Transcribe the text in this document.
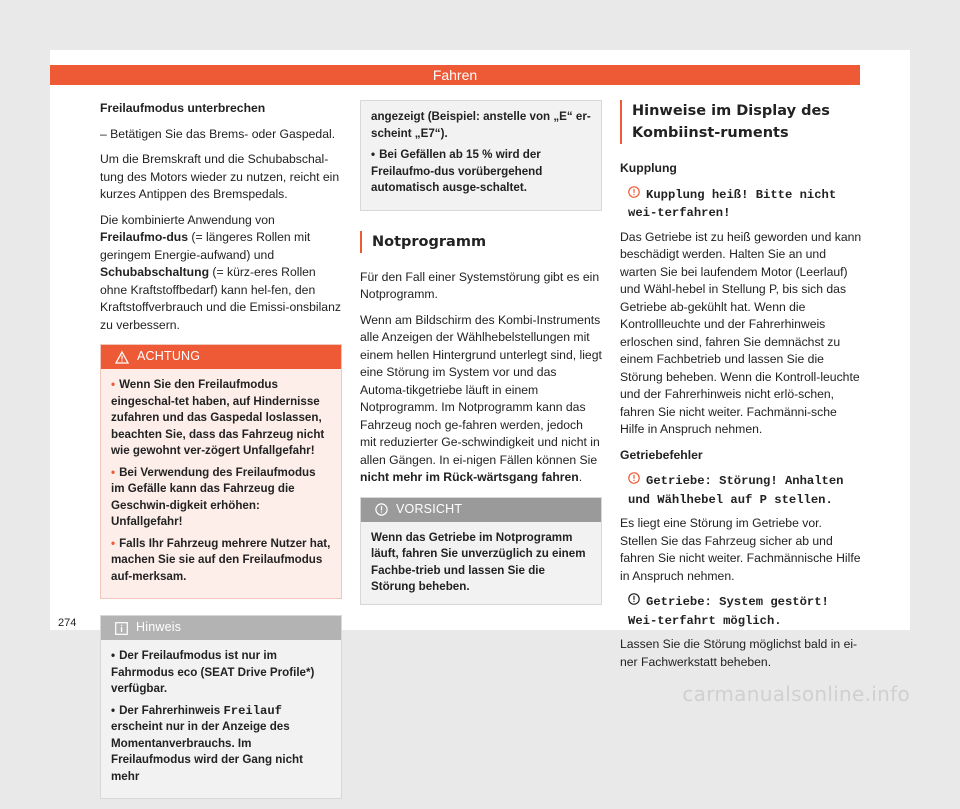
Fahren

Freilaufmodus unterbrechen

– Betätigen Sie das Brems- oder Gaspedal.

Um die Bremskraft und die Schubabschal-tung des Motors wieder zu nutzen, reicht ein kurzes Antippen des Bremspedals.

Die kombinierte Anwendung von Freilaufmo-dus (= längeres Rollen mit geringem Energie-aufwand) und Schubabschaltung (= kürz-eres Rollen ohne Kraftstoffbedarf) kann hel-fen, den Kraftstoffverbrauch und die Emissi-onsbilanz zu verbessern.

ACHTUNG
• Wenn Sie den Freilaufmodus eingeschal-tet haben, auf Hindernisse zufahren und das Gaspedal loslassen, beachten Sie, dass das Fahrzeug nicht wie gewohnt ver-zögert Unfallgefahr!
• Bei Verwendung des Freilaufmodus im Gefälle kann das Fahrzeug die Geschwin-digkeit erhöhen: Unfallgefahr!
• Falls Ihr Fahrzeug mehrere Nutzer hat, machen Sie sie auf den Freilaufmodus auf-merksam.
Hinweis
• Der Freilaufmodus ist nur im Fahrmodus eco (SEAT Drive Profile*) verfügbar.
• Der Fahrerhinweis Freilauf erscheint nur in der Anzeige des Momentanverbrauchs. Im Freilaufmodus wird der Gang nicht mehr
angezeigt (Beispiel: anstelle von „E“ er-scheint „E7“).
• Bei Gefällen ab 15 % wird der Freilaufmo-dus vorübergehend automatisch ausge-schaltet.
Notprogramm

Für den Fall einer Systemstörung gibt es ein Notprogramm.

Wenn am Bildschirm des Kombi-Instruments alle Anzeigen der Wählhebelstellungen mit einem hellen Hintergrund unterlegt sind, liegt eine Störung im System vor und das Automa-tikgetriebe läuft in einem Notprogramm. Im Notprogramm kann das Fahrzeug noch ge-fahren werden, jedoch mit reduzierter Ge-schwindigkeit und nicht in allen Gängen. In ei-nigen Fällen können Sie nicht mehr im Rück-wärtsgang fahren.

VORSICHT
Wenn das Getriebe im Notprogramm läuft, fahren Sie unverzüglich zu einem Fachbe-trieb und lassen Sie die Störung beheben.
Hinweise im Display des Kombiinst-ruments

Kupplung

Kupplung heiß! Bitte nicht wei-terfahren!

Das Getriebe ist zu heiß geworden und kann beschädigt werden. Halten Sie an und warten Sie bei laufendem Motor (Leerlauf) und Wähl-hebel in Stellung P, bis sich das Getriebe ab-gekühlt hat. Wenn die Kontrollleuchte und der Fahrerhinweis erloschen sind, fahren Sie demnächst zu einem Fachbetrieb und lassen Sie die Störung beheben. Wenn die Kontroll-leuchte und der Fahrerhinweis nicht erlö-schen, fahren Sie nicht weiter. Fachmänni-sche Hilfe in Anspruch nehmen.

Getriebefehler

Getriebe: Störung! Anhalten und Wählhebel auf P stellen.

Es liegt eine Störung im Getriebe vor. Stellen Sie das Fahrzeug sicher ab und fahren Sie nicht weiter. Fachmännische Hilfe in Anspruch nehmen.

Getriebe: System gestört! Wei-terfahrt möglich.

Lassen Sie die Störung möglichst bald in ei-ner Fachwerkstatt beheben.

274
carmanualsonline.info
